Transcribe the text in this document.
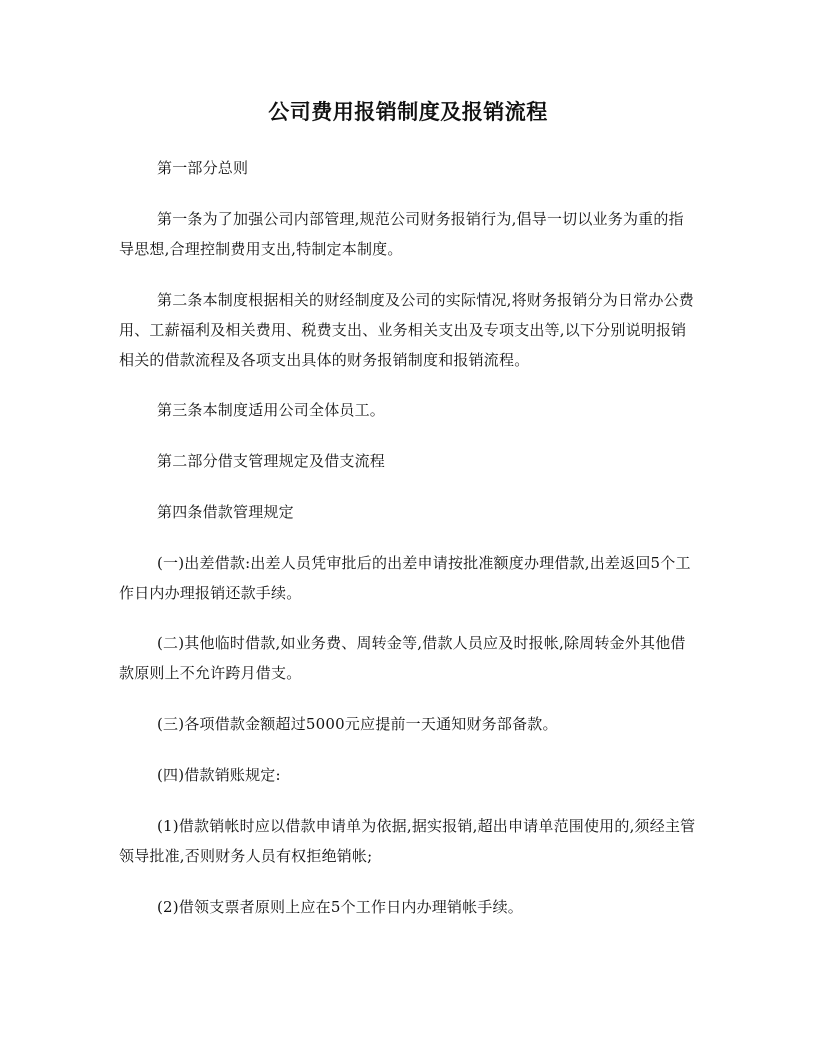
公司费用报销制度及报销流程

第一部分总则

第一条为了加强公司内部管理,规范公司财务报销行为,倡导一切以业务为重的指导思想,合理控制费用支出,特制定本制度。

第二条本制度根据相关的财经制度及公司的实际情况,将财务报销分为日常办公费用、工薪福利及相关费用、税费支出、业务相关支出及专项支出等,以下分别说明报销相关的借款流程及各项支出具体的财务报销制度和报销流程。

第三条本制度适用公司全体员工。

第二部分借支管理规定及借支流程

第四条借款管理规定

(一)出差借款:出差人员凭审批后的出差申请按批准额度办理借款,出差返回5个工作日内办理报销还款手续。

(二)其他临时借款,如业务费、周转金等,借款人员应及时报帐,除周转金外其他借款原则上不允许跨月借支。

(三)各项借款金额超过5000元应提前一天通知财务部备款。

(四)借款销账规定:

(1)借款销帐时应以借款申请单为依据,据实报销,超出申请单范围使用的,须经主管领导批准,否则财务人员有权拒绝销帐;

(2)借领支票者原则上应在5个工作日内办理销帐手续。
